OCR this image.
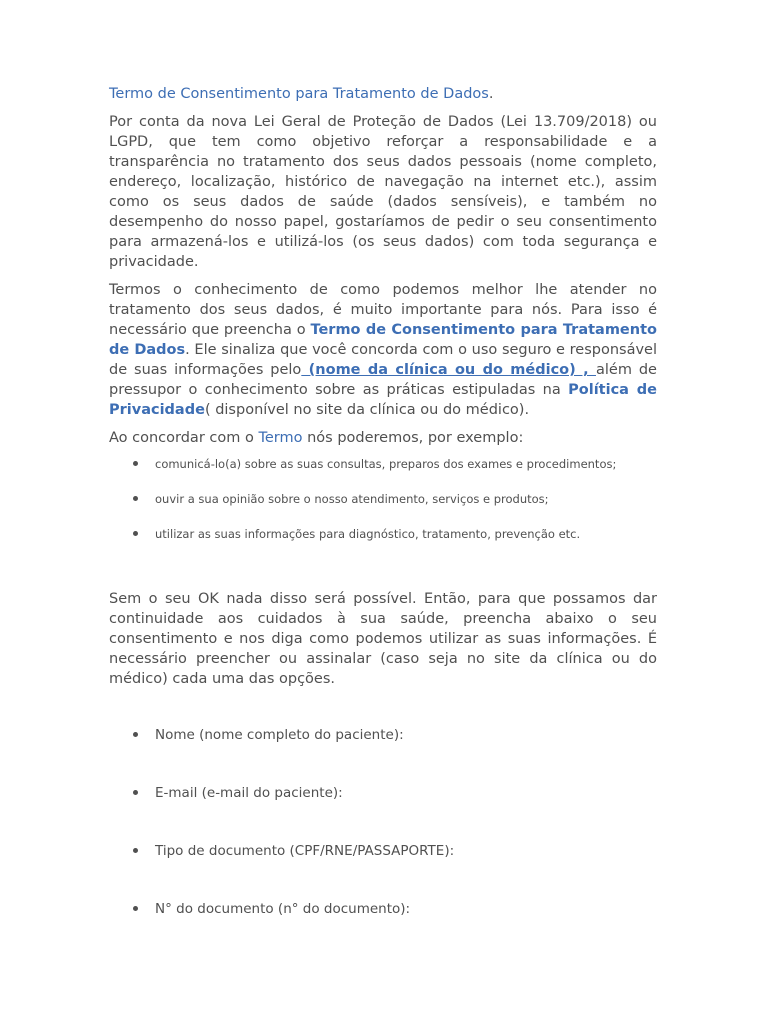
Termo de Consentimento para Tratamento de Dados.

Por conta da nova Lei Geral de Proteção de Dados (Lei 13.709/2018) ou LGPD, que tem como objetivo reforçar a responsabilidade e a transparência no tratamento dos seus dados pessoais (nome completo, endereço, localização, histórico de navegação na internet etc.), assim como os seus dados de saúde (dados sensíveis), e também no desempenho do nosso papel, gostaríamos de pedir o seu consentimento para armazená-los e utilizá-los (os seus dados) com toda segurança e privacidade.

Termos o conhecimento de como podemos melhor lhe atender no tratamento dos seus dados, é muito importante para nós. Para isso é necessário que preencha o Termo de Consentimento para Tratamento de Dados. Ele sinaliza que você concorda com o uso seguro e responsável de suas informações pelo (nome da clínica ou do médico) , além de pressupor o conhecimento sobre as práticas estipuladas na Política de Privacidade( disponível no site da clínica ou do médico).

Ao concordar com o Termo nós poderemos, por exemplo:

comunicá-lo(a) sobre as suas consultas, preparos dos exames e procedimentos;
ouvir a sua opinião sobre o nosso atendimento, serviços e produtos;
utilizar as suas informações para diagnóstico, tratamento, prevenção etc.

Sem o seu OK nada disso será possível. Então, para que possamos dar continuidade aos cuidados à sua saúde, preencha abaixo o seu consentimento e nos diga como podemos utilizar as suas informações. É necessário preencher ou assinalar (caso seja no site da clínica ou do médico) cada uma das opções.

Nome (nome completo do paciente):
E-mail (e-mail do paciente):
Tipo de documento (CPF/RNE/PASSAPORTE):
N° do documento (n° do documento):
